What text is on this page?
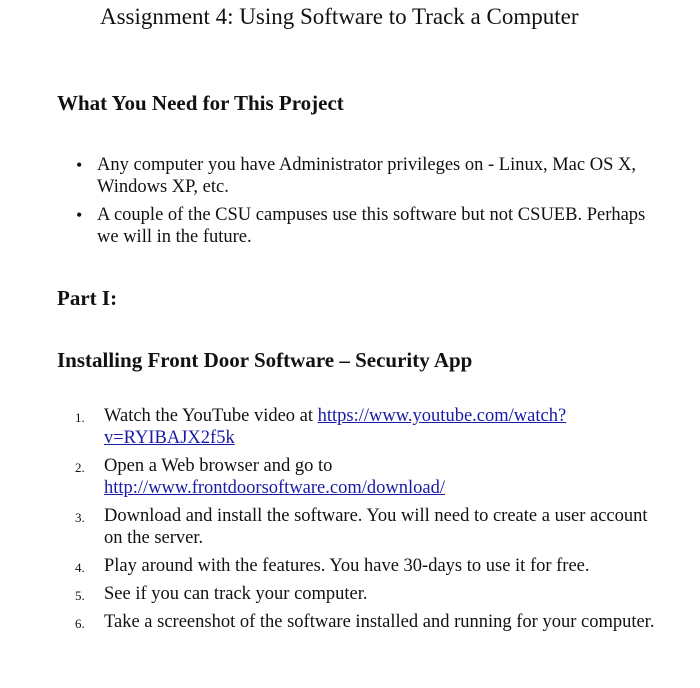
Assignment 4: Using Software to Track a Computer
What You Need for This Project
• Any computer you have Administrator privileges on - Linux, Mac OS X, Windows XP, etc.
• A couple of the CSU campuses use this software but not CSUEB. Perhaps we will in the future.
Part I:
Installing Front Door Software – Security App
1. Watch the YouTube video at https://www.youtube.com/watch?v=RYIBAJX2f5k
2. Open a Web browser and go to http://www.frontdoorsoftware.com/download/
3. Download and install the software. You will need to create a user account on the server.
4. Play around with the features. You have 30-days to use it for free.
5. See if you can track your computer.
6. Take a screenshot of the software installed and running for your computer.
